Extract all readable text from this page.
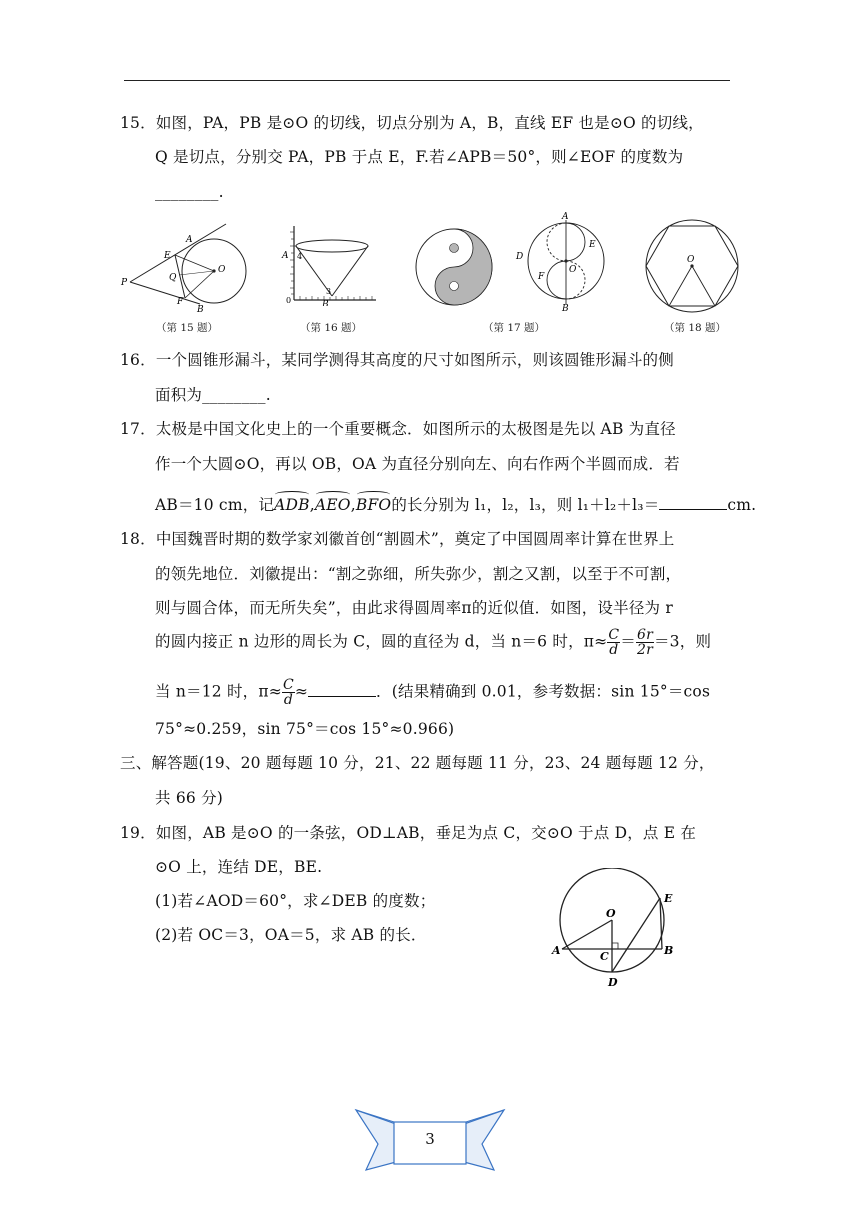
15．如图，PA，PB 是⊙O 的切线，切点分别为 A，B，直线 EF 也是⊙O 的切线，
Q 是切点，分别交 PA，PB 于点 E，F.若∠APB＝50°，则∠EOF 的度数为
________.
A
E
Q
O
P
F
B
（第 15 题）
A 4
3
0	B
（第 16 题）
A
D
E
F
O
B
（第 17 题）
O
（第 18 题）
16．一个圆锥形漏斗，某同学测得其高度的尺寸如图所示，则该圆锥形漏斗的侧
面积为________.
17．太极是中国文化史上的一个重要概念．如图所示的太极图是先以 AB 为直径
作一个大圆⊙O，再以 OB，OA 为直径分别向左、向右作两个半圆而成．若
AB＝10 cm，记ADB,AEO,BFO的长分别为 l₁，l₂，l₃，则 l₁＋l₂＋l₃＝	cm.
18．中国魏晋时期的数学家刘徽首创“割圆术”，奠定了中国圆周率计算在世界上
的领先地位．刘徽提出：“割之弥细，所失弥少，割之又割，以至于不可割，
则与圆合体，而无所失矣”，由此求得圆周率π的近似值．如图，设半径为 r
的圆内接正 n 边形的周长为 C，圆的直径为 d，当 n＝6 时，$\pi\approx \frac{C}{d} = \frac{6r}{2r} =3$，则
当 n＝12 时，$\pi\approx \frac{C}{d}$ ≈	．(结果精确到 0.01，参考数据：sin 15°＝cos
75°≈0.259，sin 75°＝cos 15°≈0.966)
三、解答题(19、20 题每题 10 分，21、22 题每题 11 分，23、24 题每题 12 分，
共 66 分)
19．如图，AB 是⊙O 的一条弦，OD⊥AB，垂足为点 C，交⊙O 于点 D，点 E 在
⊙O 上，连结 DE，BE.
(1)若∠AOD＝60°，求∠DEB 的度数；
(2)若 OC＝3，OA＝5，求 AB 的长．
O
E
A	C	B
D
3
